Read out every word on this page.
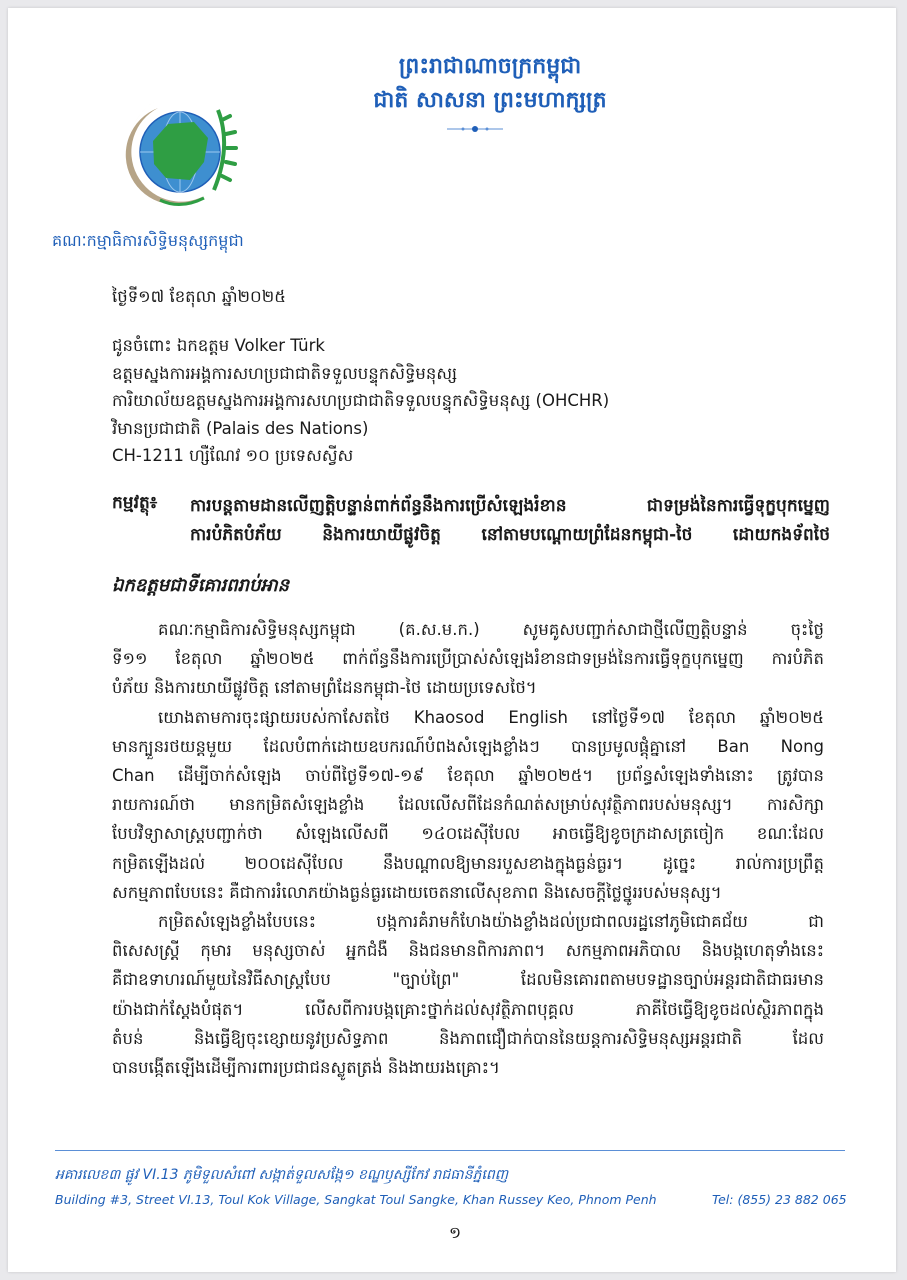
ព្រះរាជាណាចក្រកម្ពុជា
ជាតិ សាសនា ព្រះមហាក្សត្រ
គណៈកម្មាធិការសិទ្ធិមនុស្សកម្ពុជា
ថ្ងៃទី១៧ ខែតុលា ឆ្នាំ២០២៥
ជូនចំពោះ ឯកឧត្តម Volker Türk
ឧត្តមស្នងការអង្គការសហប្រជាជាតិទទួលបន្ទុកសិទ្ធិមនុស្ស
ការិយាល័យឧត្តមស្នងការអង្គការសហប្រជាជាតិទទួលបន្ទុកសិទ្ធិមនុស្ស (OHCHR)
វិមានប្រជាជាតិ (Palais des Nations)
CH-1211 ហ្សឺណែវ ១០ ប្រទេសស្វីស
កម្មវត្ថុ៖ ការបន្តតាមដានលើញត្តិបន្ទាន់ពាក់ព័ន្ធនឹងការប្រើសំឡេងរំខាន ជាទម្រង់នៃការធ្វើទុក្ខបុកម្នេញ
ការបំភិតបំភ័យ និងការយាយីផ្លូវចិត្ត នៅតាមបណ្តោយព្រំដែនកម្ពុជា-ថៃ ដោយកងទ័ពថៃ
ឯកឧត្តមជាទីគោរពរាប់អាន
គណៈកម្មាធិការសិទ្ធិមនុស្សកម្ពុជា (គ.ស.ម.ក.) សូមគូសបញ្ជាក់សាជាថ្មីលើញត្តិបន្ទាន់ ចុះថ្ងៃ
ទី១១ ខែតុលា ឆ្នាំ២០២៥ ពាក់ព័ន្ធនឹងការប្រើប្រាស់សំឡេងរំខានជាទម្រង់នៃការធ្វើទុក្ខបុកម្នេញ ការបំភិត
បំភ័យ និងការយាយីផ្លូវចិត្ត នៅតាមព្រំដែនកម្ពុជា-ថៃ ដោយប្រទេសថៃ។
យោងតាមការចុះផ្សាយរបស់កាសែតថៃ Khaosod English នៅថ្ងៃទី១៧ ខែតុលា ឆ្នាំ២០២៥
មានក្បួនរថយន្តមួយ ដែលបំពាក់ដោយឧបករណ៍បំពងសំឡេងខ្លាំងៗ បានប្រមូលផ្តុំគ្នានៅ Ban Nong
Chan ដើម្បីចាក់សំឡេង ចាប់ពីថ្ងៃទី១៧-១៩ ខែតុលា ឆ្នាំ២០២៥។ ប្រព័ន្ធសំឡេងទាំងនោះ ត្រូវបាន
រាយការណ៍ថា មានកម្រិតសំឡេងខ្លាំង ដែលលើសពីដែនកំណត់សម្រាប់សុវត្ថិភាពរបស់មនុស្ស។ ការសិក្សា
បែបវិទ្យាសាស្ត្របញ្ជាក់ថា សំឡេងលើសពី ១៤០ដេស៊ីបែល អាចធ្វើឱ្យខូចក្រដាសត្រចៀក ខណៈដែល
កម្រិតឡើងដល់ ២០០ដេស៊ីបែល នឹងបណ្តាលឱ្យមានរបួសខាងក្នុងធ្ងន់ធ្ងរ។ ដូច្នេះ រាល់ការប្រព្រឹត្ត
សកម្មភាពបែបនេះ គឺជាការរំលោភយ៉ាងធ្ងន់ធ្ងរដោយចេតនាលើសុខភាព និងសេចក្តីថ្លៃថ្នូររបស់មនុស្ស។
កម្រិតសំឡេងខ្លាំងបែបនេះ បង្កការគំរាមកំហែងយ៉ាងខ្លាំងដល់ប្រជាពលរដ្ឋនៅភូមិជោគជ័យ ជា
ពិសេសស្ត្រី កុមារ មនុស្សចាស់ អ្នកជំងឺ និងជនមានពិការភាព។ សកម្មភាពអភិបាល និងបង្កហេតុទាំងនេះ
គឺជាឧទាហរណ៍មួយនៃវិធីសាស្ត្របែប "ច្បាប់ព្រៃ" ដែលមិនគោរពតាមបទដ្ឋានច្បាប់អន្តរជាតិជាធរមាន
យ៉ាងជាក់ស្តែងបំផុត។ លើសពីការបង្កគ្រោះថ្នាក់ដល់សុវត្ថិភាពបុគ្គល ភាគីថៃធ្វើឱ្យខូចដល់ស្ថិរភាពក្នុង
តំបន់ និងធ្វើឱ្យចុះខ្សោយនូវប្រសិទ្ធភាព និងភាពជឿជាក់បាននៃយន្តការសិទ្ធិមនុស្សអន្តរជាតិ ដែល
បានបង្កើតឡើងដើម្បីការពារប្រជាជនស្លូតត្រង់ និងងាយរងគ្រោះ។
អគារលេខ៣ ផ្លូវ VI.13 ភូមិទួលសំពៅ សង្កាត់ទួលសង្កែ១ ខណ្ឌឫស្សីកែវ រាជធានីភ្នំពេញ
Building #3, Street VI.13, Toul Kok Village, Sangkat Toul Sangke, Khan Russey Keo, Phnom Penh	Tel: (855) 23 882 065
១
